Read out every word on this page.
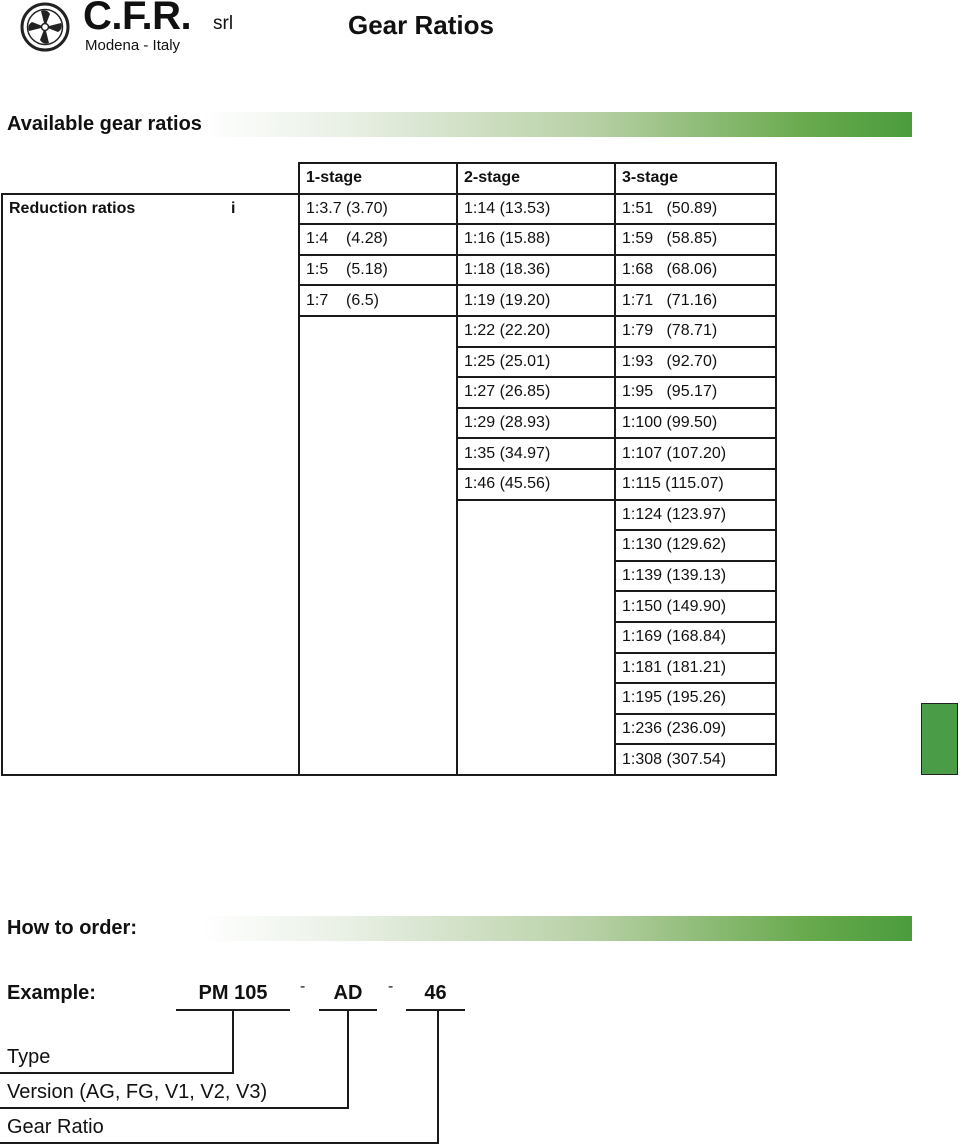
C.F.R. srl
Modena - Italy
Gear Ratios
Available gear ratios
	1-stage	2-stage	3-stage
Reduction ratios i	1:3.7 (3.70)	1:14 (13.53)	1:51   (50.89)
	1:4    (4.28)	1:16 (15.88)	1:59   (58.85)
	1:5    (5.18)	1:18 (18.36)	1:68   (68.06)
	1:7    (6.5)	1:19 (19.20)	1:71   (71.16)
		1:22 (22.20)	1:79   (78.71)
		1:25 (25.01)	1:93   (92.70)
		1:27 (26.85)	1:95   (95.17)
		1:29 (28.93)	1:100 (99.50)
		1:35 (34.97)	1:107 (107.20)
		1:46 (45.56)	1:115 (115.07)
			1:124 (123.97)
			1:130 (129.62)
			1:139 (139.13)
			1:150 (149.90)
			1:169 (168.84)
			1:181 (181.21)
			1:195 (195.26)
			1:236 (236.09)
			1:308 (307.54)
How to order:
Example:	PM 105	-	AD	-	46
Type
Version (AG, FG, V1, V2, V3)
Gear Ratio
